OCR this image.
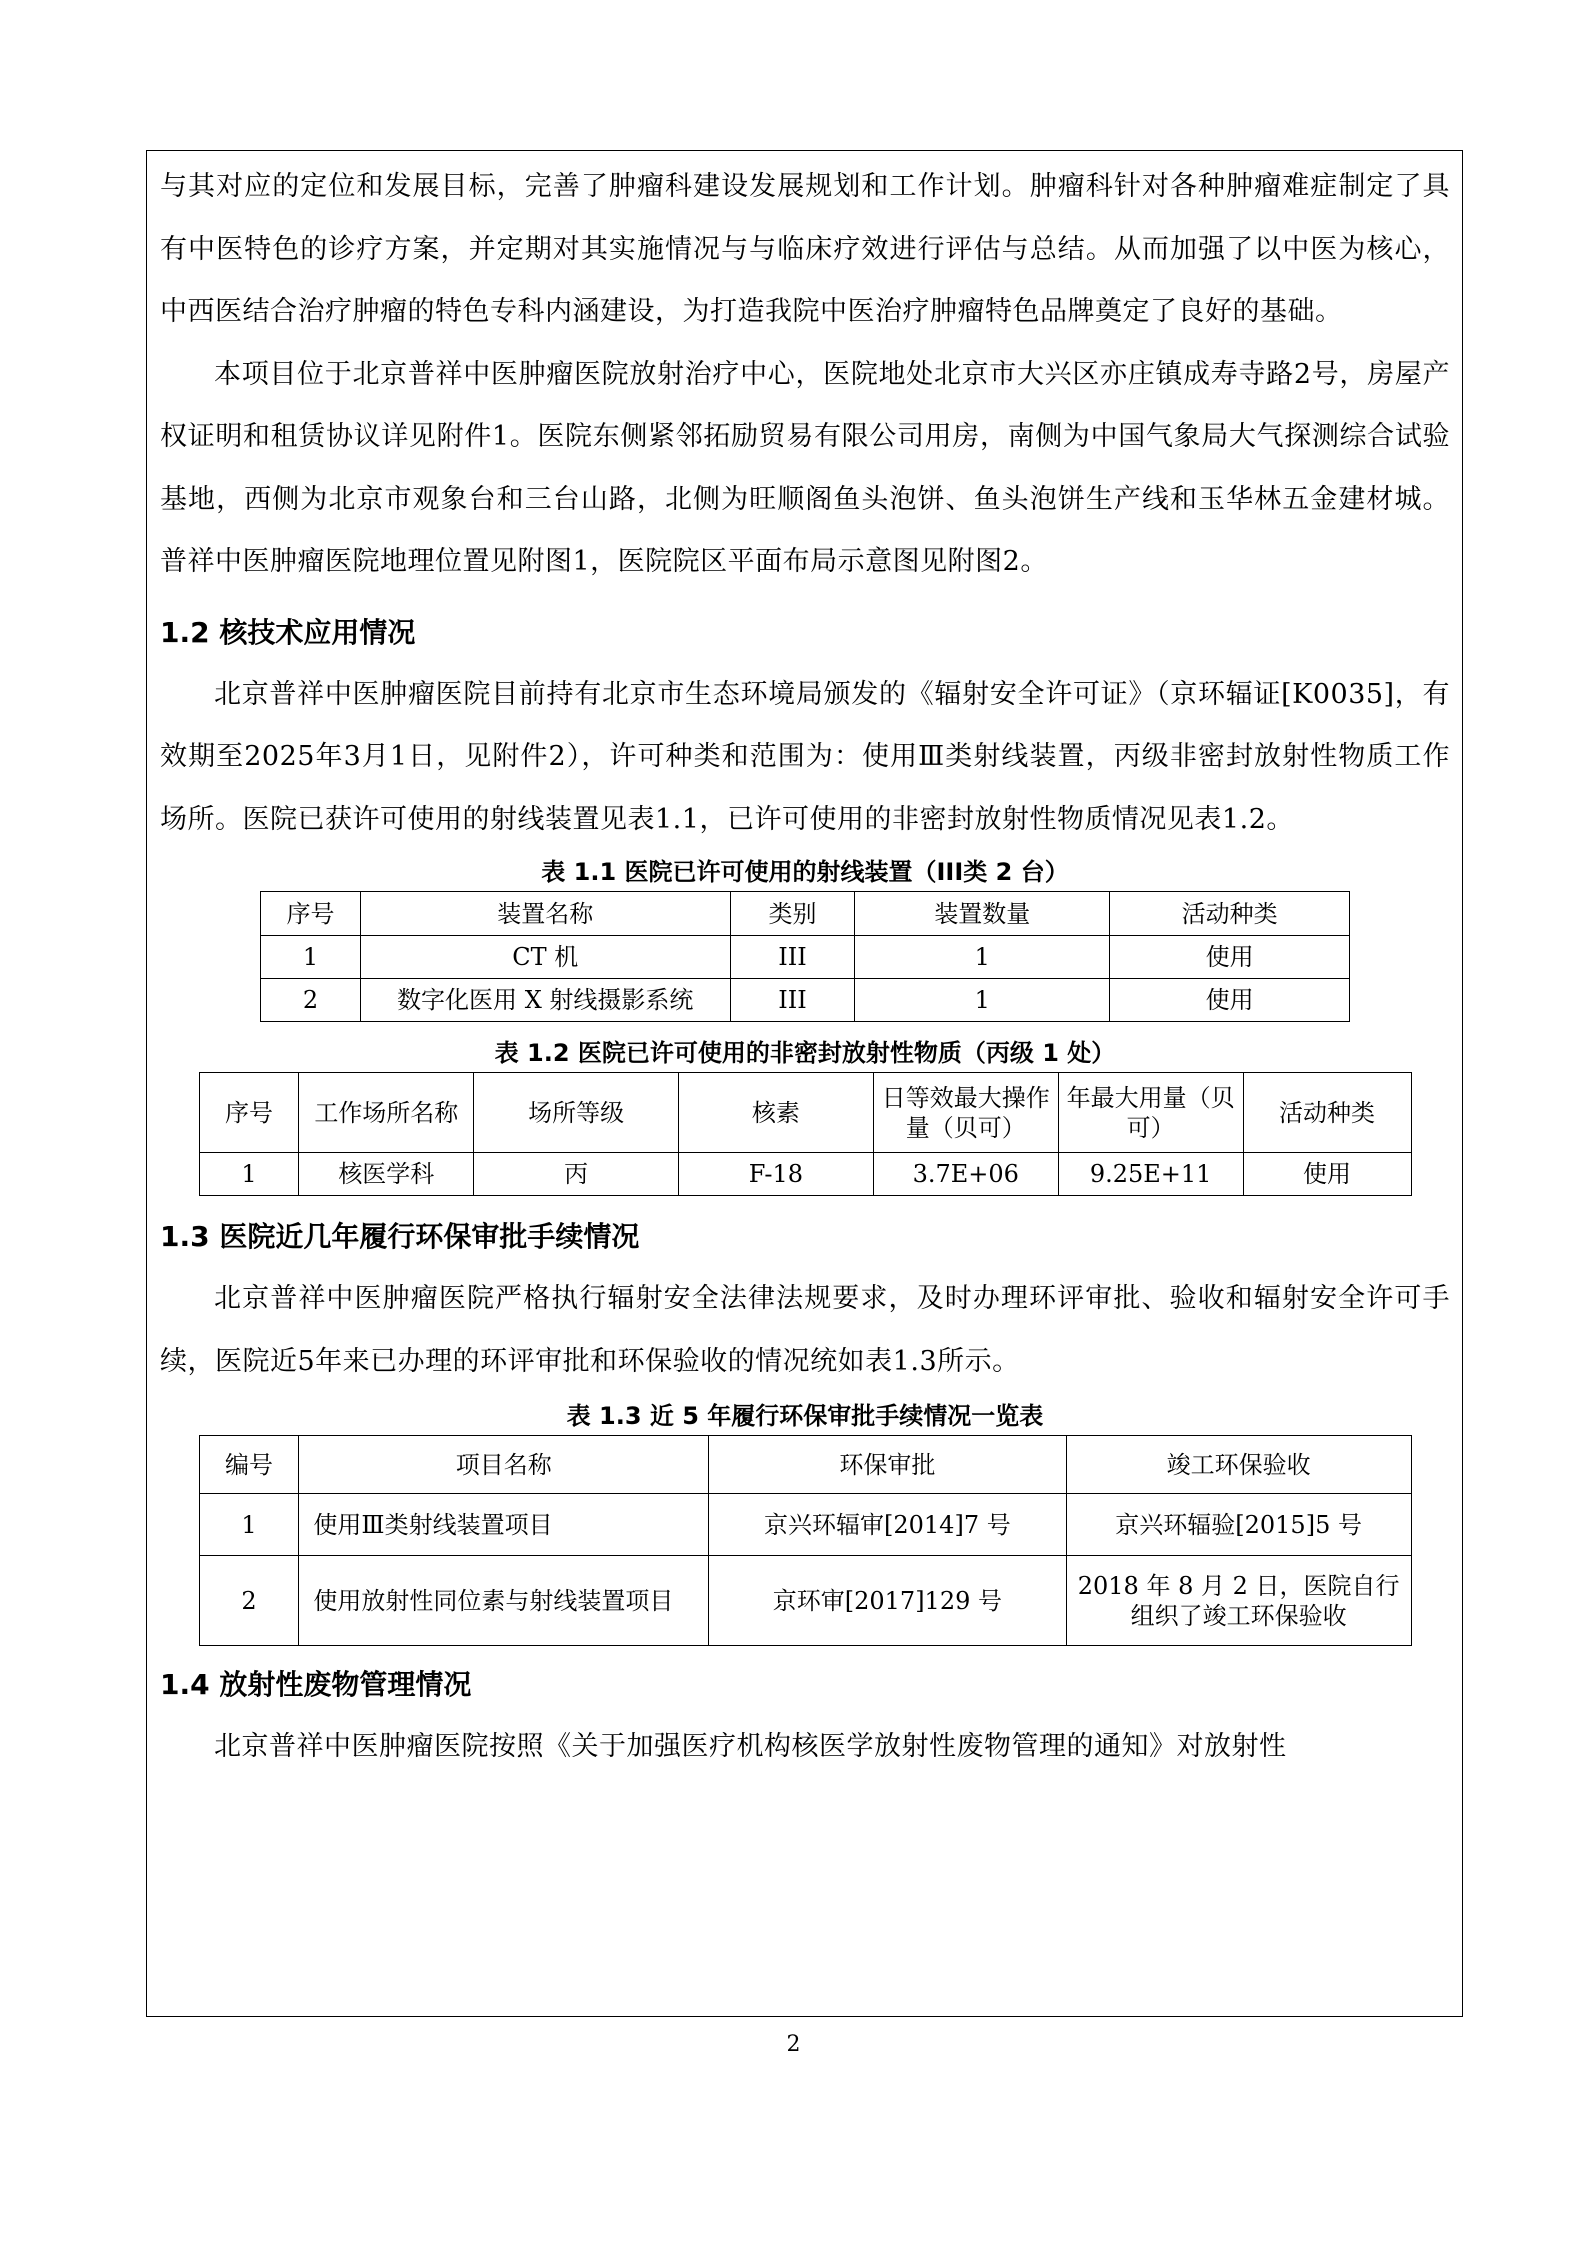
与其对应的定位和发展目标，完善了肿瘤科建设发展规划和工作计划。肿瘤科针对各种肿瘤难症制定了具有中医特色的诊疗方案，并定期对其实施情况与与临床疗效进行评估与总结。从而加强了以中医为核心，中西医结合治疗肿瘤的特色专科内涵建设，为打造我院中医治疗肿瘤特色品牌奠定了良好的基础。

本项目位于北京普祥中医肿瘤医院放射治疗中心，医院地处北京市大兴区亦庄镇成寿寺路2号，房屋产权证明和租赁协议详见附件1。医院东侧紧邻拓励贸易有限公司用房，南侧为中国气象局大气探测综合试验基地，西侧为北京市观象台和三台山路，北侧为旺顺阁鱼头泡饼、鱼头泡饼生产线和玉华林五金建材城。普祥中医肿瘤医院地理位置见附图1，医院院区平面布局示意图见附图2。

1.2 核技术应用情况

北京普祥中医肿瘤医院目前持有北京市生态环境局颁发的《辐射安全许可证》（京环辐证[K0035]，有效期至2025年3月1日，见附件2），许可种类和范围为：使用Ⅲ类射线装置，丙级非密封放射性物质工作场所。医院已获许可使用的射线装置见表1.1，已许可使用的非密封放射性物质情况见表1.2。

表 1.1 医院已许可使用的射线装置（III类 2 台）
序号	装置名称	类别	装置数量	活动种类
1	CT 机	III	1	使用
2	数字化医用 X 射线摄影系统	III	1	使用
表 1.2 医院已许可使用的非密封放射性物质（丙级 1 处）
序号	工作场所名称	场所等级	核素	日等效最大操作量（贝可）	年最大用量（贝可）	活动种类
1	核医学科	丙	F-18	3.7E+06	9.25E+11	使用
1.3 医院近几年履行环保审批手续情况

北京普祥中医肿瘤医院严格执行辐射安全法律法规要求，及时办理环评审批、验收和辐射安全许可手续，医院近5年来已办理的环评审批和环保验收的情况统如表1.3所示。

表 1.3 近 5 年履行环保审批手续情况一览表
编号	项目名称	环保审批	竣工环保验收
1	使用Ⅲ类射线装置项目	京兴环辐审[2014]7 号	京兴环辐验[2015]5 号
2	使用放射性同位素与射线装置项目	京环审[2017]129 号	2018 年 8 月 2 日，医院自行组织了竣工环保验收
1.4 放射性废物管理情况

北京普祥中医肿瘤医院按照《关于加强医疗机构核医学放射性废物管理的通知》对放射性

2
